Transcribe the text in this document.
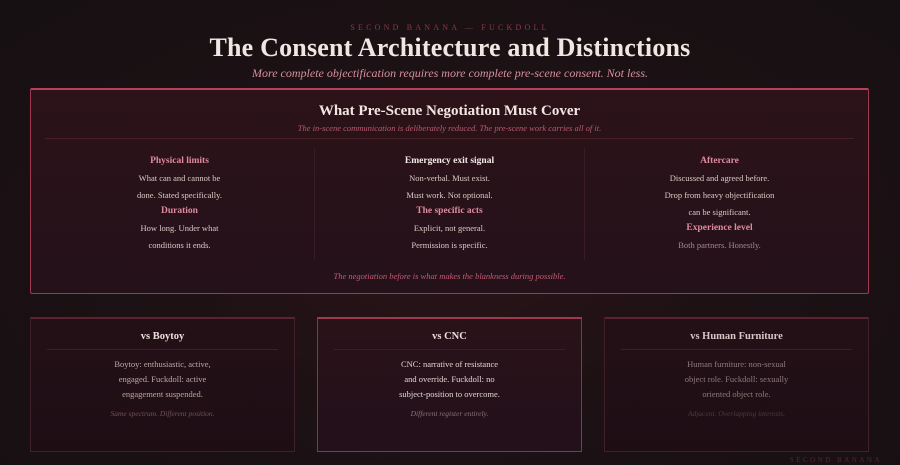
SECOND BANANA — FUCKDOLL
The Consent Architecture and Distinctions
More complete objectification requires more complete pre-scene consent. Not less.
What Pre-Scene Negotiation Must Cover
The in-scene communication is deliberately reduced. The pre-scene work carries all of it.
Physical limits
What can and cannot be
done. Stated specifically.
Duration
How long. Under what
conditions it ends.
Emergency exit signal
Non-verbal. Must exist.
Must work. Not optional.
The specific acts
Explicit, not general.
Permission is specific.
Aftercare
Discussed and agreed before.
Drop from heavy objectification
can be significant.
Experience level
Both partners. Honestly.
The negotiation before is what makes the blankness during possible.
vs Boytoy
Boytoy: enthusiastic, active,
engaged. Fuckdoll: active
engagement suspended.
Same spectrum. Different position.
vs CNC
CNC: narrative of resistance
and override. Fuckdoll: no
subject-position to overcome.
Different register entirely.
vs Human Furniture
Human furniture: non-sexual
object role. Fuckdoll: sexually
oriented object role.
Adjacent. Overlapping interests.
SECOND BANANA
